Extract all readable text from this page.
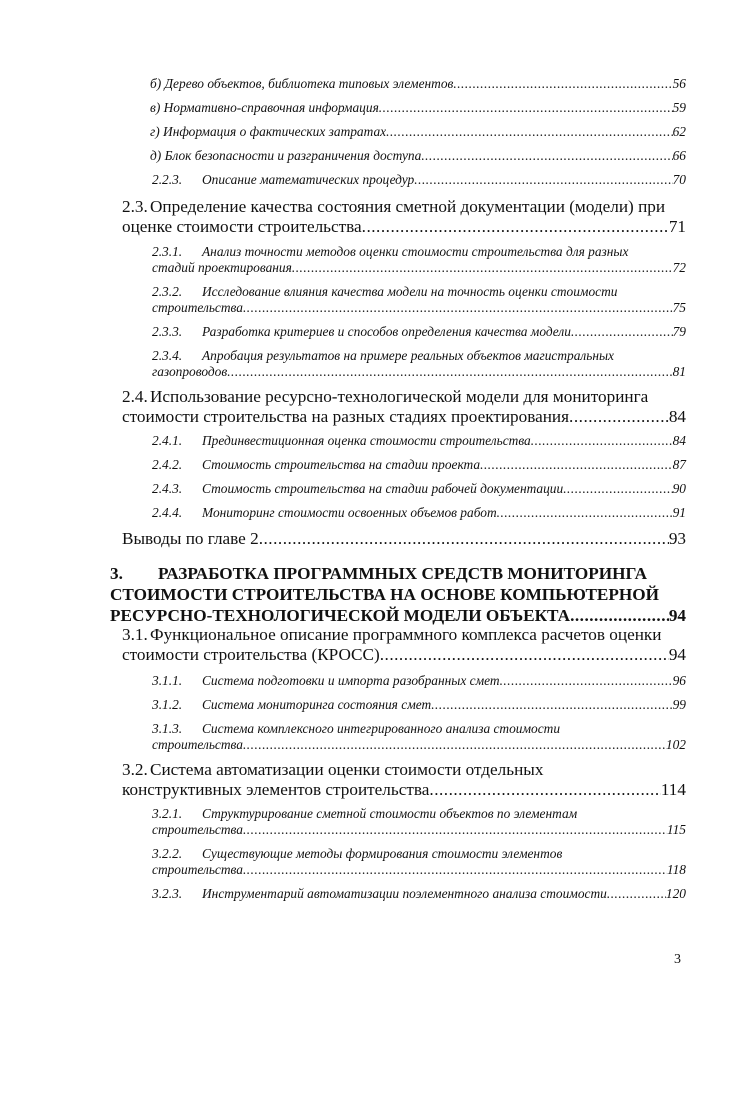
б) Дерево объектов, библиотека типовых элементов .....	56
в) Нормативно-справочная информация .....	59
г) Информация о фактических затратах .....	62
д) Блок безопасности и разграничения доступа .....	66
2.2.3. Описание математических процедур .....	70
2.3. Определение качества состояния сметной документации (модели) при
оценке стоимости строительства .....	71
2.3.1. Анализ точности методов оценки стоимости строительства для разных
стадий проектирования .....	72
2.3.2. Исследование влияния качества модели на точность оценки стоимости
строительства .....	75
2.3.3. Разработка критериев и способов определения качества модели .....	79
2.3.4. Апробация результатов на примере реальных объектов магистральных
газопроводов .....	81
2.4. Использование ресурсно-технологической модели для мониторинга
стоимости строительства на разных стадиях проектирования .....	84
2.4.1. Прединвестиционная оценка стоимости строительства .....	84
2.4.2. Стоимость строительства на стадии проекта .....	87
2.4.3. Стоимость строительства на стадии рабочей документации .....	90
2.4.4. Мониторинг стоимости освоенных объемов работ .....	91
Выводы по главе 2 .....	93
3. РАЗРАБОТКА ПРОГРАММНЫХ СРЕДСТВ МОНИТОРИНГА
СТОИМОСТИ СТРОИТЕЛЬСТВА НА ОСНОВЕ КОМПЬЮТЕРНОЙ
РЕСУРСНО-ТЕХНОЛОГИЧЕСКОЙ МОДЕЛИ ОБЪЕКТА .....	94
3.1. Функциональное описание программного комплекса расчетов оценки
стоимости строительства (КРОСС) .....	94
3.1.1. Система подготовки и импорта разобранных смет .....	96
3.1.2. Система мониторинга состояния смет .....	99
3.1.3. Система комплексного интегрированного анализа стоимости
строительства .....	102
3.2. Система автоматизации оценки стоимости отдельных
конструктивных элементов строительства .....	114
3.2.1. Структурирование сметной стоимости объектов по элементам
строительства .....	115
3.2.2. Существующие методы формирования стоимости элементов
строительства .....	118
3.2.3. Инструментарий автоматизации поэлементного анализа стоимости .....	120
3
